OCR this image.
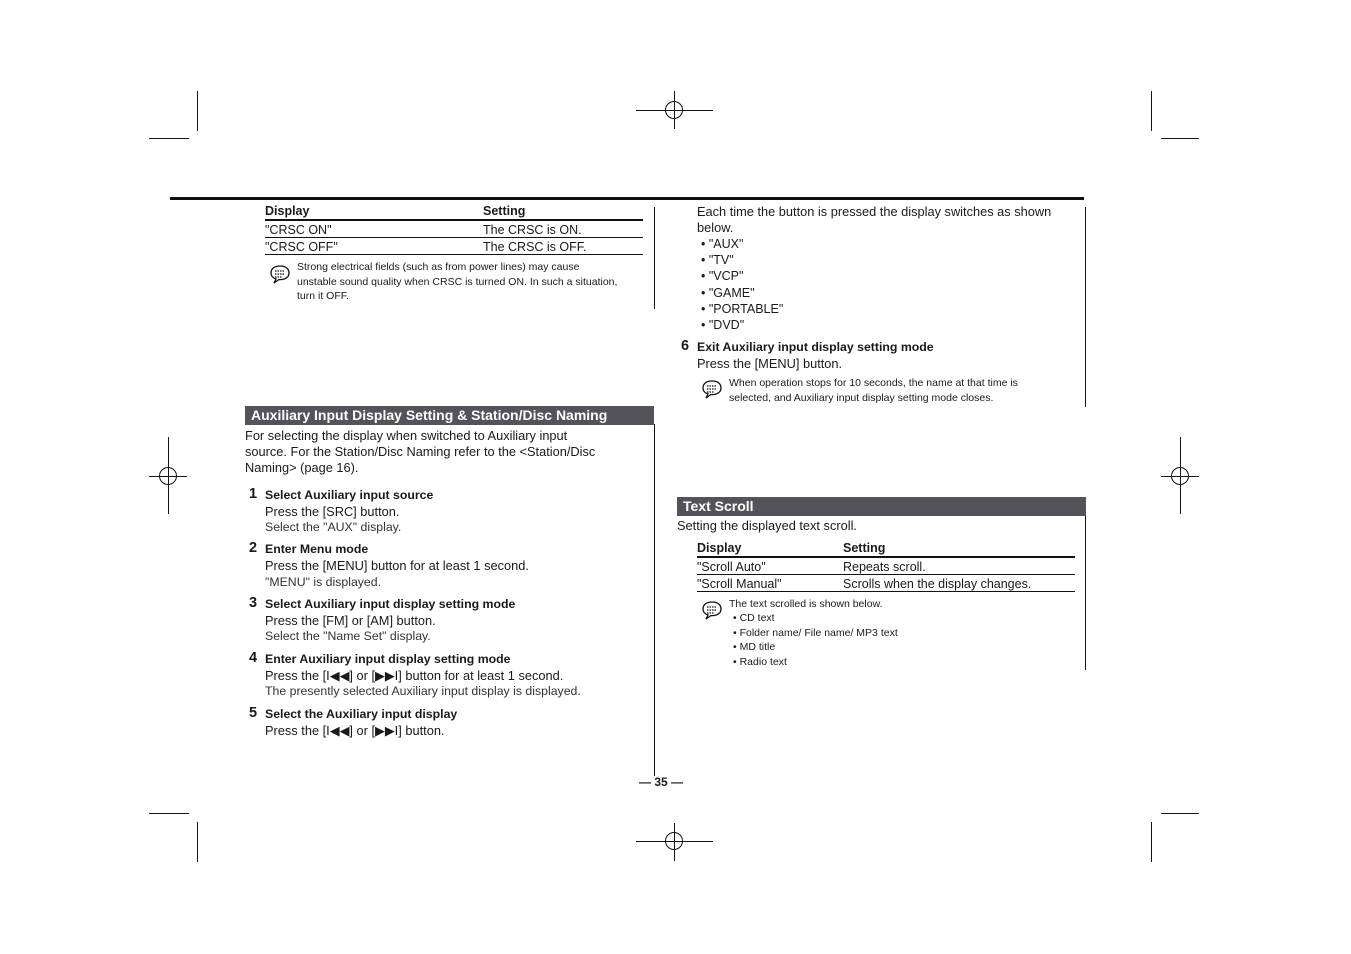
Display	Setting
"CRSC ON"	The CRSC is ON.
"CRSC OFF"	The CRSC is OFF.
Strong electrical fields (such as from power lines) may cause
unstable sound quality when CRSC is turned ON. In such a situation,
turn it OFF.
Auxiliary Input Display Setting & Station/Disc Naming
For selecting the display when switched to Auxiliary input
source. For the Station/Disc Naming refer to the <Station/Disc
Naming> (page 16).
1 Select Auxiliary input source
Press the [SRC] button.
Select the "AUX" display.
2 Enter Menu mode
Press the [MENU] button for at least 1 second.
"MENU" is displayed.
3 Select Auxiliary input display setting mode
Press the [FM] or [AM] button.
Select the "Name Set" display.
4 Enter Auxiliary input display setting mode
Press the [I◀◀] or [▶▶I] button for at least 1 second.
The presently selected Auxiliary input display is displayed.
5 Select the Auxiliary input display
Press the [I◀◀] or [▶▶I] button.
Each time the button is pressed the display switches as shown
below.
• "AUX"
• "TV"
• "VCP"
• "GAME"
• "PORTABLE"
• "DVD"
6 Exit Auxiliary input display setting mode
Press the [MENU] button.
When operation stops for 10 seconds, the name at that time is
selected, and Auxiliary input display setting mode closes.
Text Scroll
Setting the displayed text scroll.
Display	Setting
"Scroll Auto"	Repeats scroll.
"Scroll Manual"	Scrolls when the display changes.
The text scrolled is shown below.
• CD text
• Folder name/ File name/ MP3 text
• MD title
• Radio text
— 35 —
